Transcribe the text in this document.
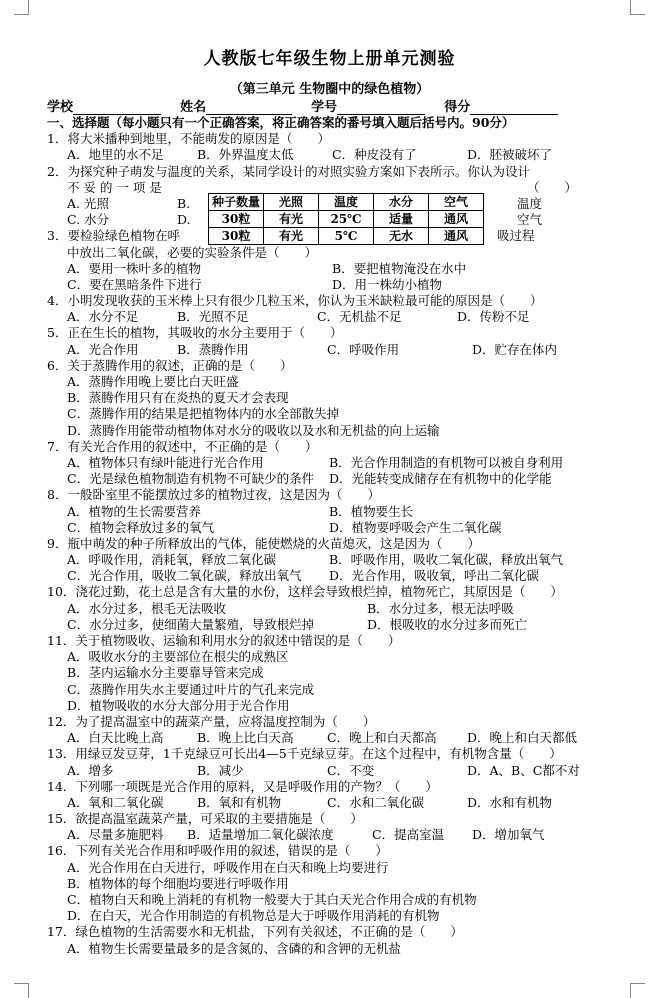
人教版七年级生物上册单元测验
（第三单元 生物圈中的绿色植物）
学校	姓名	学号	得分
一、选择题（每小题只有一个正确答案，将正确答案的番号填入题后括号内。90分）
1．将大米播种到地里，不能萌发的原因是（　　）
A．地里的水不足	B．外界温度太低	C．种皮没有了	D．胚被破坏了
2．为探究种子萌发与温度的关系，某同学设计的对照实验方案如下表所示。你认为设计
不 妥 的 一 项 是	（　　）
A. 光照	B.	温度
C. 水分	D.	空气
3．要检验绿色植物在呼	吸过程
中放出二氧化碳，必要的实验条件是（　　）
A．要用一株叶多的植物	B．要把植物淹没在水中
C．要在黑暗条件下进行	D．用一株幼小植物
4．小明发现收获的玉米棒上只有很少几粒玉米，你认为玉米缺粒最可能的原因是（　　）
A．水分不足	B．光照不足	C．无机盐不足	D．传粉不足
5．正在生长的植物，其吸收的水分主要用于（　　）
A．光合作用	B．蒸腾作用	C．呼吸作用	D．贮存在体内
6．关于蒸腾作用的叙述，正确的是（　　）
A．蒸腾作用晚上要比白天旺盛
B．蒸腾作用只有在炎热的夏天才会表现
C．蒸腾作用的结果是把植物体内的水全部散失掉
D．蒸腾作用能带动植物体对水分的吸收以及水和无机盐的向上运输
7．有关光合作用的叙述中，不正确的是（　　）
A．植物体只有绿叶能进行光合作用	B．光合作用制造的有机物可以被自身利用
C．光是绿色植物制造有机物不可缺少的条件	D．光能转变成储存在有机物中的化学能
8．一般卧室里不能摆放过多的植物过夜，这是因为（　　）
A．植物的生长需要营养	B．植物要生长
C．植物会释放过多的氧气	D．植物要呼吸会产生二氧化碳
9．瓶中萌发的种子所释放出的气体，能使燃烧的火苗熄灭，这是因为（　　）
A．呼吸作用，消耗氧，释放二氧化碳	B．呼吸作用，吸收二氧化碳，释放出氧气
C．光合作用，吸收二氧化碳，释放出氧气	D．光合作用，吸收氧，呼出二氧化碳
10．浇花过勤，花土总是含有大量的水份，这样会导致根烂掉，植物死亡，其原因是（　　）
A．水分过多，根毛无法吸收	B．水分过多，根无法呼吸
C．水分过多，使细菌大量繁殖，导致根烂掉	D．根吸收的水分过多而死亡
11．关于植物吸收、运输和利用水分的叙述中错误的是（　　）
A．吸收水分的主要部位在根尖的成熟区
B．茎内运输水分主要靠导管来完成
C．蒸腾作用失水主要通过叶片的气孔来完成
D．植物吸收的水分大部分用于光合作用
12．为了提高温室中的蔬菜产量，应将温度控制为（　　）
A．白天比晚上高	B．晚上比白天高	C．晚上和白天都高	D．晚上和白天都低
13．用绿豆发豆芽，1千克绿豆可长出4—5千克绿豆芽。在这个过程中，有机物含量（　　）
A．增多	B．减少	C．不变	D．A、B、C都不对
14．下列哪一项既是光合作用的原料，又是呼吸作用的产物？（　　）
A．氧和二氧化碳	B．氧和有机物	C．水和二氧化碳	D．水和有机物
15．欲提高温室蔬菜产量，可采取的主要措施是（　　）
A．尽量多施肥料	B．适量增加二氧化碳浓度	C．提高室温	D．增加氧气
16．下列有关光合作用和呼吸作用的叙述，错误的是（　　）
A．光合作用在白天进行，呼吸作用在白天和晚上均要进行
B．植物体的每个细胞均要进行呼吸作用
C．植物白天和晚上消耗的有机物一般要大于其白天光合作用合成的有机物
D．在白天，光合作用制造的有机物总是大于呼吸作用消耗的有机物
17．绿色植物的生活需要水和无机盐，下列有关叙述，不正确的是（　　）
A．植物生长需要量最多的是含氮的、含磷的和含钾的无机盐
种子数量	光照	温度	水分	空气
30粒	有光	25℃	适量	通风
30粒	有光	5℃	无水	通风
